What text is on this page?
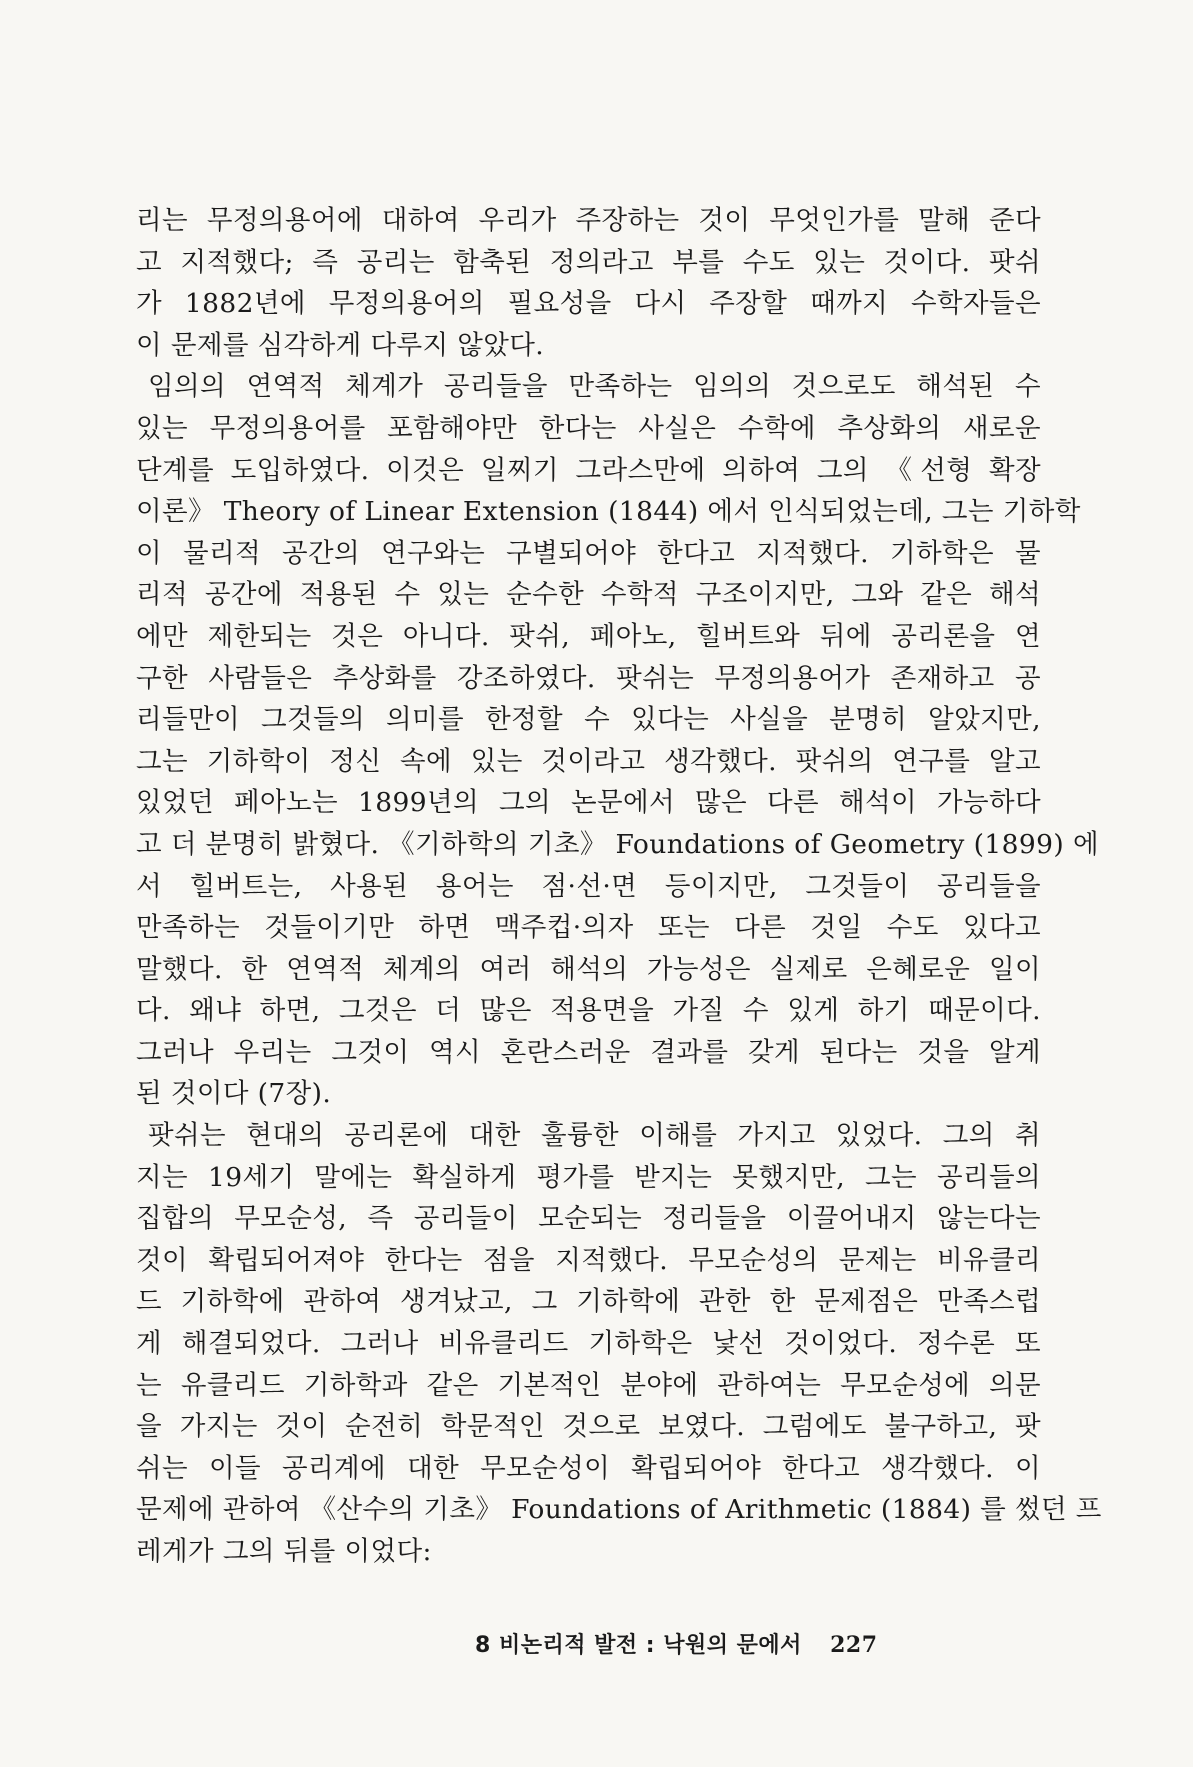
리는 무정의용어에 대하여 우리가 주장하는 것이 무엇인가를 말해 준다
고 지적했다; 즉 공리는 함축된 정의라고 부를 수도 있는 것이다. 팟쉬
가 1882년에 무정의용어의 필요성을 다시 주장할 때까지 수학자들은
이 문제를 심각하게 다루지 않았다.
임의의 연역적 체계가 공리들을 만족하는 임의의 것으로도 해석된 수
있는 무정의용어를 포함해야만 한다는 사실은 수학에 추상화의 새로운
단계를 도입하였다. 이것은 일찌기 그라스만에 의하여 그의 《선형 확장
이론》 Theory of Linear Extension (1844) 에서 인식되었는데, 그는 기하학
이 물리적 공간의 연구와는 구별되어야 한다고 지적했다. 기하학은 물
리적 공간에 적용된 수 있는 순수한 수학적 구조이지만, 그와 같은 해석
에만 제한되는 것은 아니다. 팟쉬, 페아노, 힐버트와 뒤에 공리론을 연
구한 사람들은 추상화를 강조하였다. 팟쉬는 무정의용어가 존재하고 공
리들만이 그것들의 의미를 한정할 수 있다는 사실을 분명히 알았지만,
그는 기하학이 정신 속에 있는 것이라고 생각했다. 팟쉬의 연구를 알고
있었던 페아노는 1899년의 그의 논문에서 많은 다른 해석이 가능하다
고 더 분명히 밝혔다. 《기하학의 기초》 Foundations of Geometry (1899) 에
서 힐버트는, 사용된 용어는 점·선·면 등이지만, 그것들이 공리들을
만족하는 것들이기만 하면 맥주컵·의자 또는 다른 것일 수도 있다고
말했다. 한 연역적 체계의 여러 해석의 가능성은 실제로 은혜로운 일이
다. 왜냐 하면, 그것은 더 많은 적용면을 가질 수 있게 하기 때문이다.
그러나 우리는 그것이 역시 혼란스러운 결과를 갖게 된다는 것을 알게
된 것이다 (7장).
팟쉬는 현대의 공리론에 대한 훌륭한 이해를 가지고 있었다. 그의 취
지는 19세기 말에는 확실하게 평가를 받지는 못했지만, 그는 공리들의
집합의 무모순성, 즉 공리들이 모순되는 정리들을 이끌어내지 않는다는
것이 확립되어져야 한다는 점을 지적했다. 무모순성의 문제는 비유클리
드 기하학에 관하여 생겨났고, 그 기하학에 관한 한 문제점은 만족스럽
게 해결되었다. 그러나 비유클리드 기하학은 낯선 것이었다. 정수론 또
는 유클리드 기하학과 같은 기본적인 분야에 관하여는 무모순성에 의문
을 가지는 것이 순전히 학문적인 것으로 보였다. 그럼에도 불구하고, 팟
쉬는 이들 공리계에 대한 무모순성이 확립되어야 한다고 생각했다. 이
문제에 관하여 《산수의 기초》 Foundations of Arithmetic (1884) 를 썼던 프
레게가 그의 뒤를 이었다:
8 비논리적 발전 : 낙원의 문에서 227
